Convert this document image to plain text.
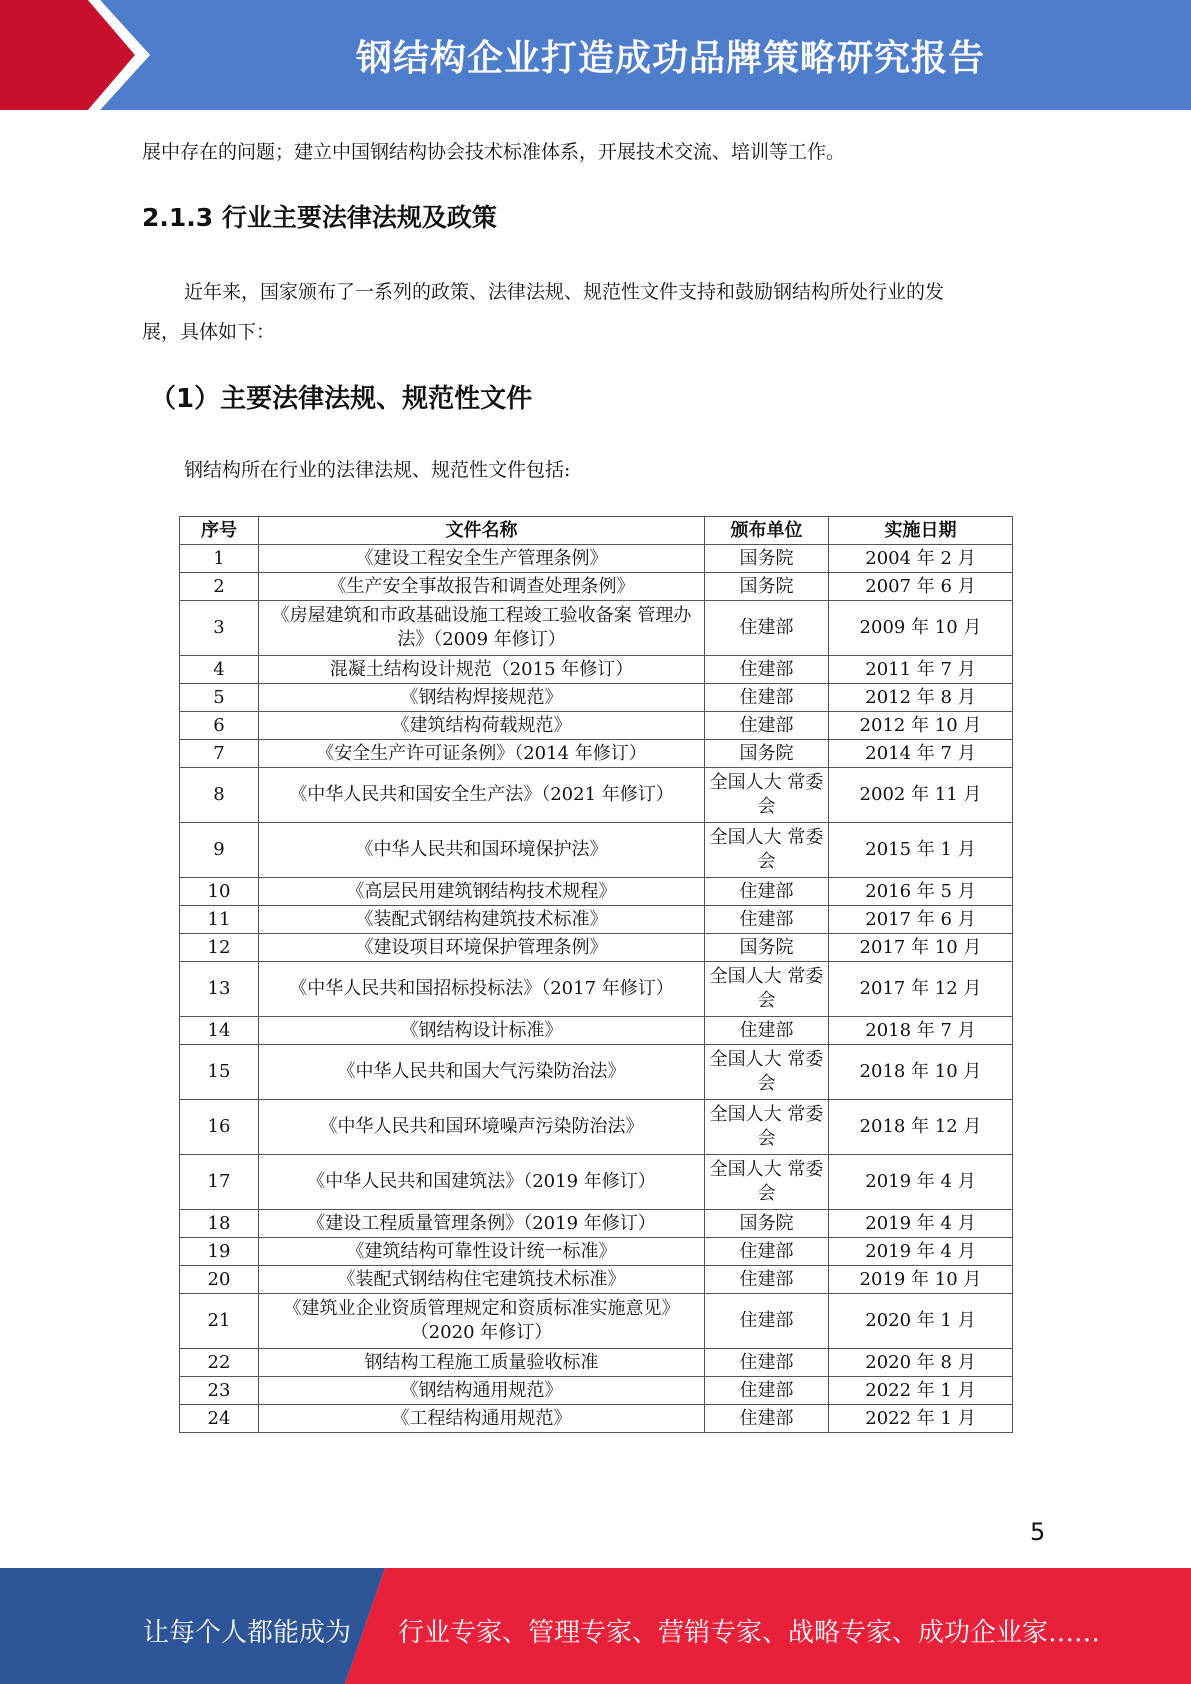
钢结构企业打造成功品牌策略研究报告
展中存在的问题；建立中国钢结构协会技术标准体系，开展技术交流、培训等工作。
2.1.3 行业主要法律法规及政策
近年来，国家颁布了一系列的政策、法律法规、规范性文件支持和鼓励钢结构所处行业的发
展，具体如下：
（1）主要法律法规、规范性文件
钢结构所在行业的法律法规、规范性文件包括:
序号	文件名称	颁布单位	实施日期
1	《建设工程安全生产管理条例》	国务院	2004 年 2 月
2	《生产安全事故报告和调查处理条例》	国务院	2007 年 6 月
3	《房屋建筑和市政基础设施工程竣工验收备案 管理办法》（2009 年修订）	住建部	2009 年 10 月
4	混凝土结构设计规范（2015 年修订）	住建部	2011 年 7 月
5	《钢结构焊接规范》	住建部	2012 年 8 月
6	《建筑结构荷载规范》	住建部	2012 年 10 月
7	《安全生产许可证条例》（2014 年修订）	国务院	2014 年 7 月
8	《中华人民共和国安全生产法》（2021 年修订）	全国人大 常委会	2002 年 11 月
9	《中华人民共和国环境保护法》	全国人大 常委会	2015 年 1 月
10	《高层民用建筑钢结构技术规程》	住建部	2016 年 5 月
11	《装配式钢结构建筑技术标准》	住建部	2017 年 6 月
12	《建设项目环境保护管理条例》	国务院	2017 年 10 月
13	《中华人民共和国招标投标法》（2017 年修订）	全国人大 常委会	2017 年 12 月
14	《钢结构设计标准》	住建部	2018 年 7 月
15	《中华人民共和国大气污染防治法》	全国人大 常委会	2018 年 10 月
16	《中华人民共和国环境噪声污染防治法》	全国人大 常委会	2018 年 12 月
17	《中华人民共和国建筑法》（2019 年修订）	全国人大 常委会	2019 年 4 月
18	《建设工程质量管理条例》（2019 年修订）	国务院	2019 年 4 月
19	《建筑结构可靠性设计统一标准》	住建部	2019 年 4 月
20	《装配式钢结构住宅建筑技术标准》	住建部	2019 年 10 月
21	《建筑业企业资质管理规定和资质标准实施意见》（2020 年修订）	住建部	2020 年 1 月
22	钢结构工程施工质量验收标准	住建部	2020 年 8 月
23	《钢结构通用规范》	住建部	2022 年 1 月
24	《工程结构通用规范》	住建部	2022 年 1 月
5
让每个人都能成为 行业专家、管理专家、营销专家、战略专家、成功企业家……
